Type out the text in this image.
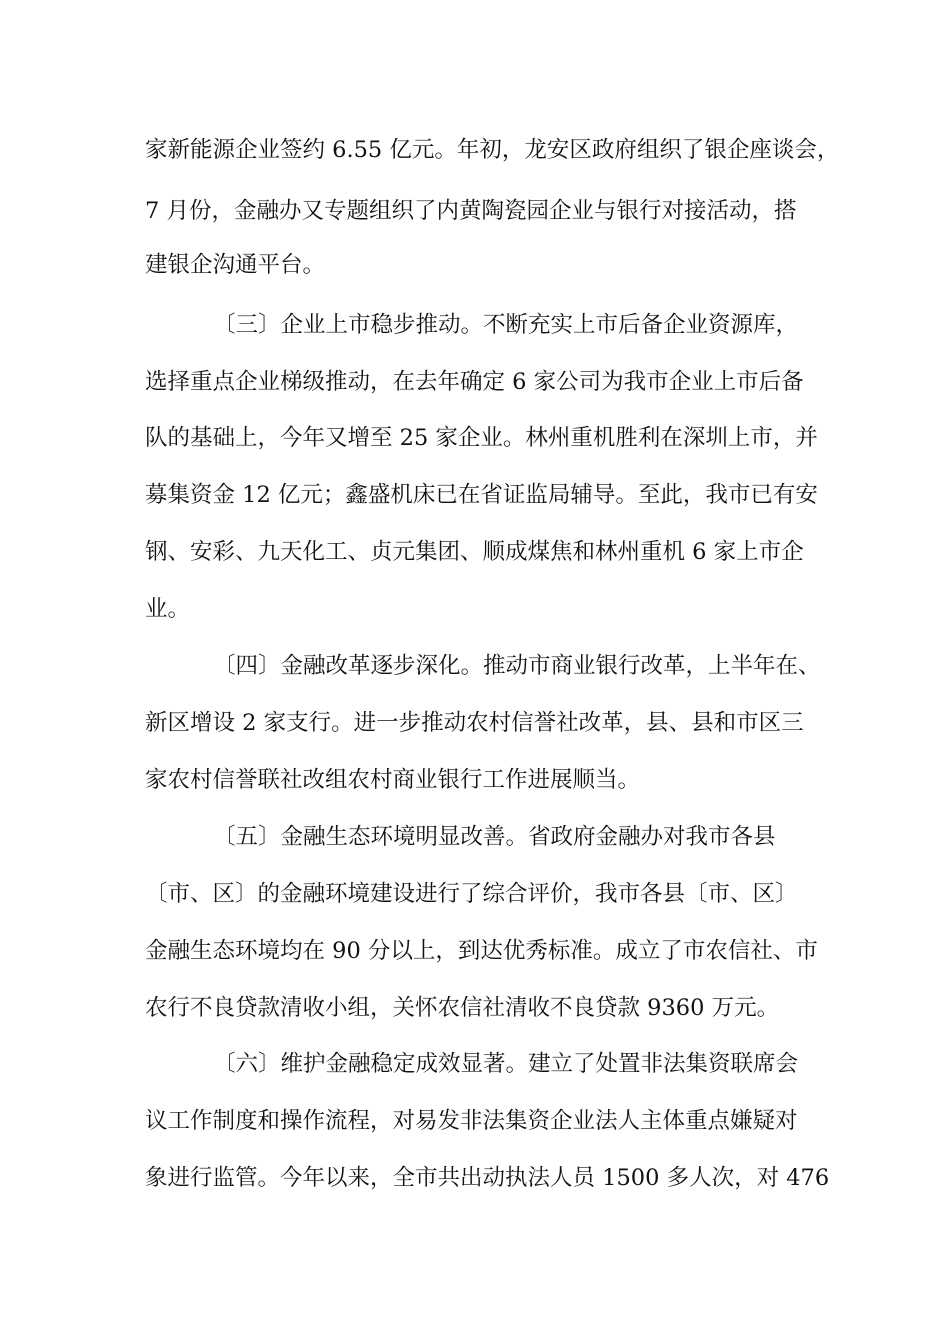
家新能源企业签约 6.55 亿元。年初，龙安区政府组织了银企座谈会，
7 月份，金融办又专题组织了内黄陶瓷园企业与银行对接活动，搭
建银企沟通平台。
〔三〕企业上市稳步推动。不断充实上市后备企业资源库，
选择重点企业梯级推动，在去年确定 6 家公司为我市企业上市后备
队的基础上，今年又增至 25 家企业。林州重机胜利在深圳上市，并
募集资金 12 亿元；鑫盛机床已在省证监局辅导。至此，我市已有安
钢、安彩、九天化工、贞元集团、顺成煤焦和林州重机 6 家上市企
业。
〔四〕金融改革逐步深化。推动市商业银行改革，上半年在、
新区增设 2 家支行。进一步推动农村信誉社改革，县、县和市区三
家农村信誉联社改组农村商业银行工作进展顺当。
〔五〕金融生态环境明显改善。省政府金融办对我市各县
〔市、区〕的金融环境建设进行了综合评价，我市各县〔市、区〕
金融生态环境均在 90 分以上，到达优秀标准。成立了市农信社、市
农行不良贷款清收小组，关怀农信社清收不良贷款 9360 万元。
〔六〕维护金融稳定成效显著。建立了处置非法集资联席会
议工作制度和操作流程，对易发非法集资企业法人主体重点嫌疑对
象进行监管。今年以来，全市共出动执法人员 1500 多人次，对 476
